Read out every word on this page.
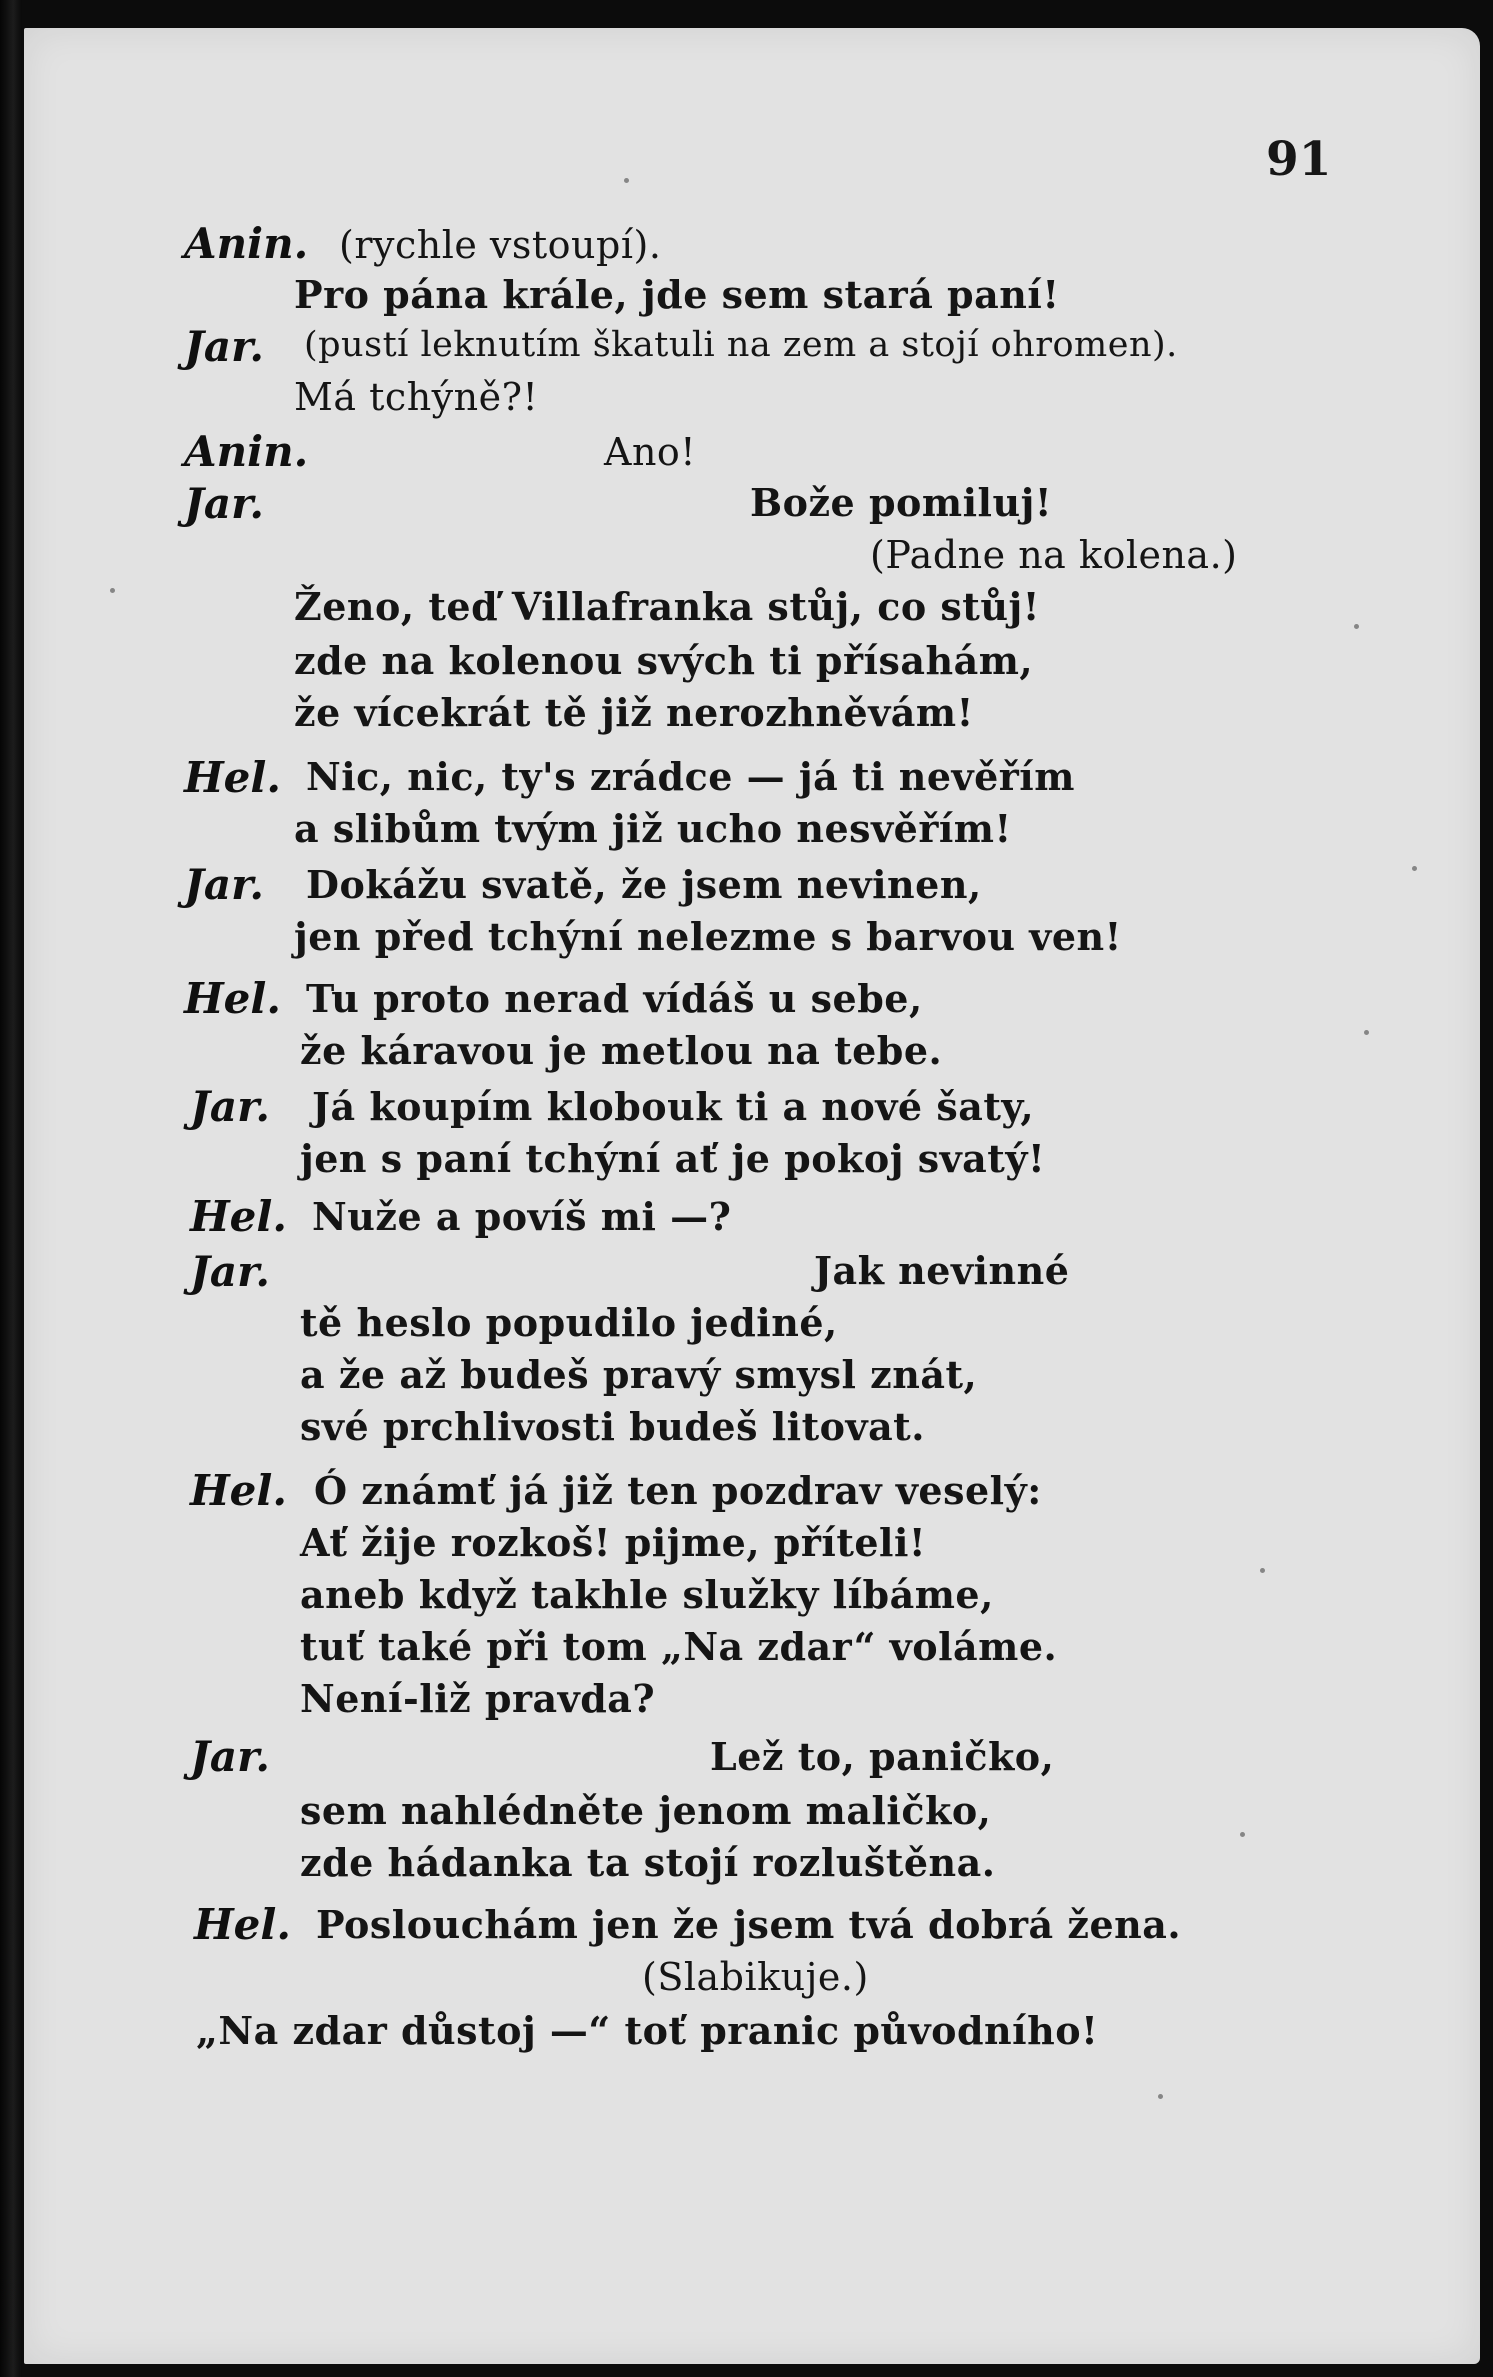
91
Anin. (rychle vstoupí).
Pro pána krále, jde sem stará paní!
Jar. (pustí leknutím škatuli na zem a stojí ohromen).
Má tchýně?!
Anin.	Ano!
Jar.	Bože pomiluj!
(Padne na kolena.)
Ženo, teď Villafranka stůj, co stůj!
zde na kolenou svých ti přísahám,
že vícekrát tě již nerozhněvám!
Hel. Nic, nic, ty's zrádce — já ti nevěřím
a slibům tvým již ucho nesvěřím!
Jar. Dokážu svatě, že jsem nevinen,
jen před tchýní nelezme s barvou ven!
Hel. Tu proto nerad vídáš u sebe,
že káravou je metlou na tebe.
Jar. Já koupím klobouk ti a nové šaty,
jen s paní tchýní ať je pokoj svatý!
Hel. Nuže a povíš mi —?
Jar.	Jak nevinné
tě heslo popudilo jediné,
a že až budeš pravý smysl znát,
své prchlivosti budeš litovat.
Hel. Ó známť já již ten pozdrav veselý:
Ať žije rozkoš! pijme, příteli!
aneb když takhle služky líbáme,
tuť také při tom „Na zdar“ voláme.
Není-liž pravda?
Jar.	Lež to, paničko,
sem nahlédněte jenom maličko,
zde hádanka ta stojí rozluštěna.
Hel. Poslouchám jen že jsem tvá dobrá žena.
(Slabikuje.)
„Na zdar důstoj —“ toť pranic původního!
